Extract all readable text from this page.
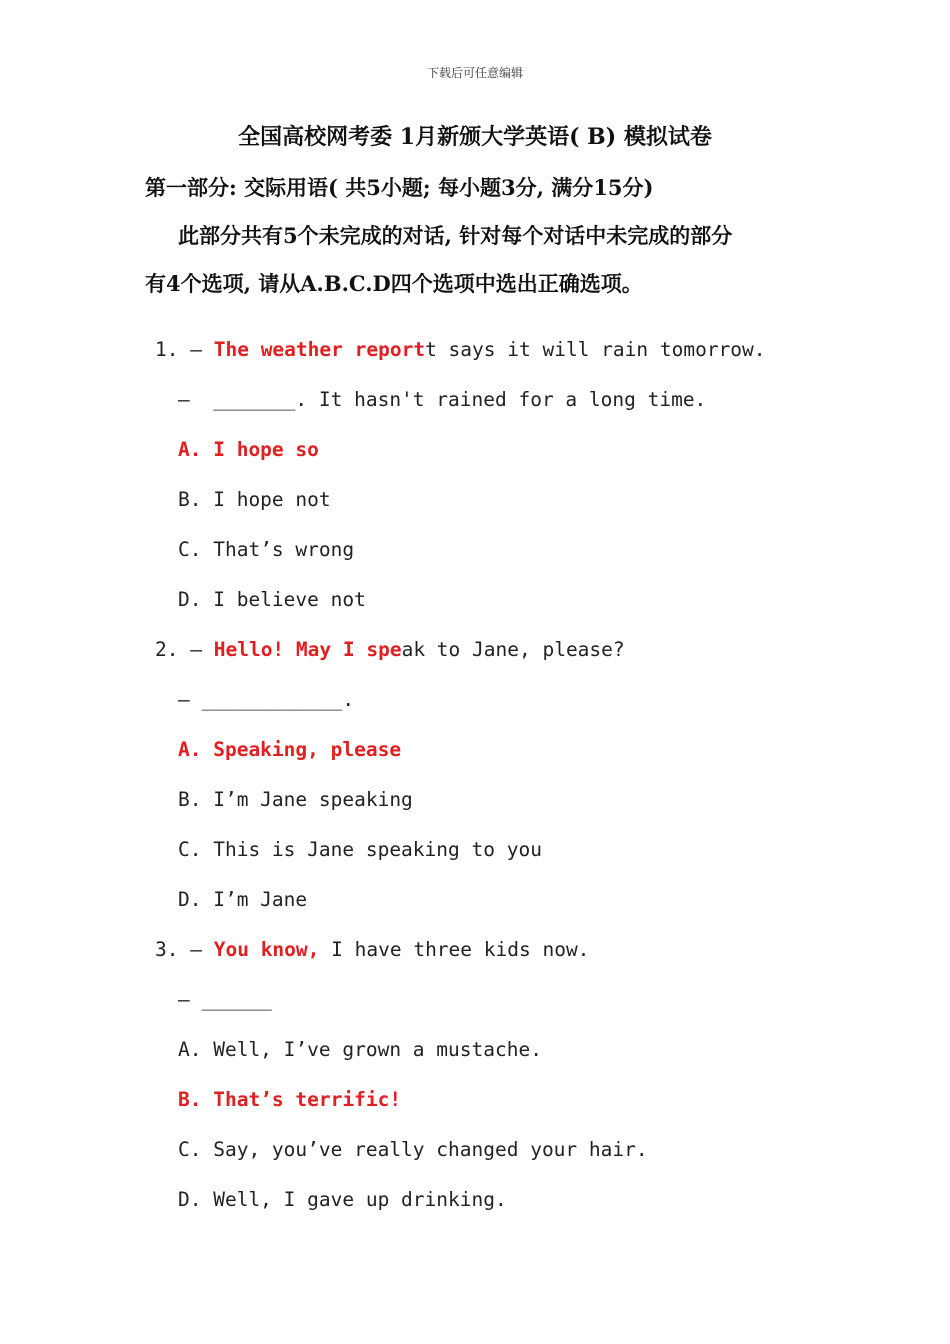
下载后可任意编辑
全国高校网考委 1月新颁大学英语( B) 模拟试卷
第一部分: 交际用语( 共5小题; 每小题3分, 满分15分)
此部分共有5个未完成的对话, 针对每个对话中未完成的部分
有4个选项, 请从A.B.C.D四个选项中选出正确选项。
1. — The weather reportt says it will rain tomorrow.
—  _______. It hasn't rained for a long time.
A. I hope so
B. I hope not
C. That’s wrong
D. I believe not
2. — Hello! May I speak to Jane, please?
— ____________.
A. Speaking, please
B. I’m Jane speaking
C. This is Jane speaking to you
D. I’m Jane
3. — You know, I have three kids now.
— ______
A. Well, I’ve grown a mustache.
B. That’s terrific!
C. Say, you’ve really changed your hair.
D. Well, I gave up drinking.
